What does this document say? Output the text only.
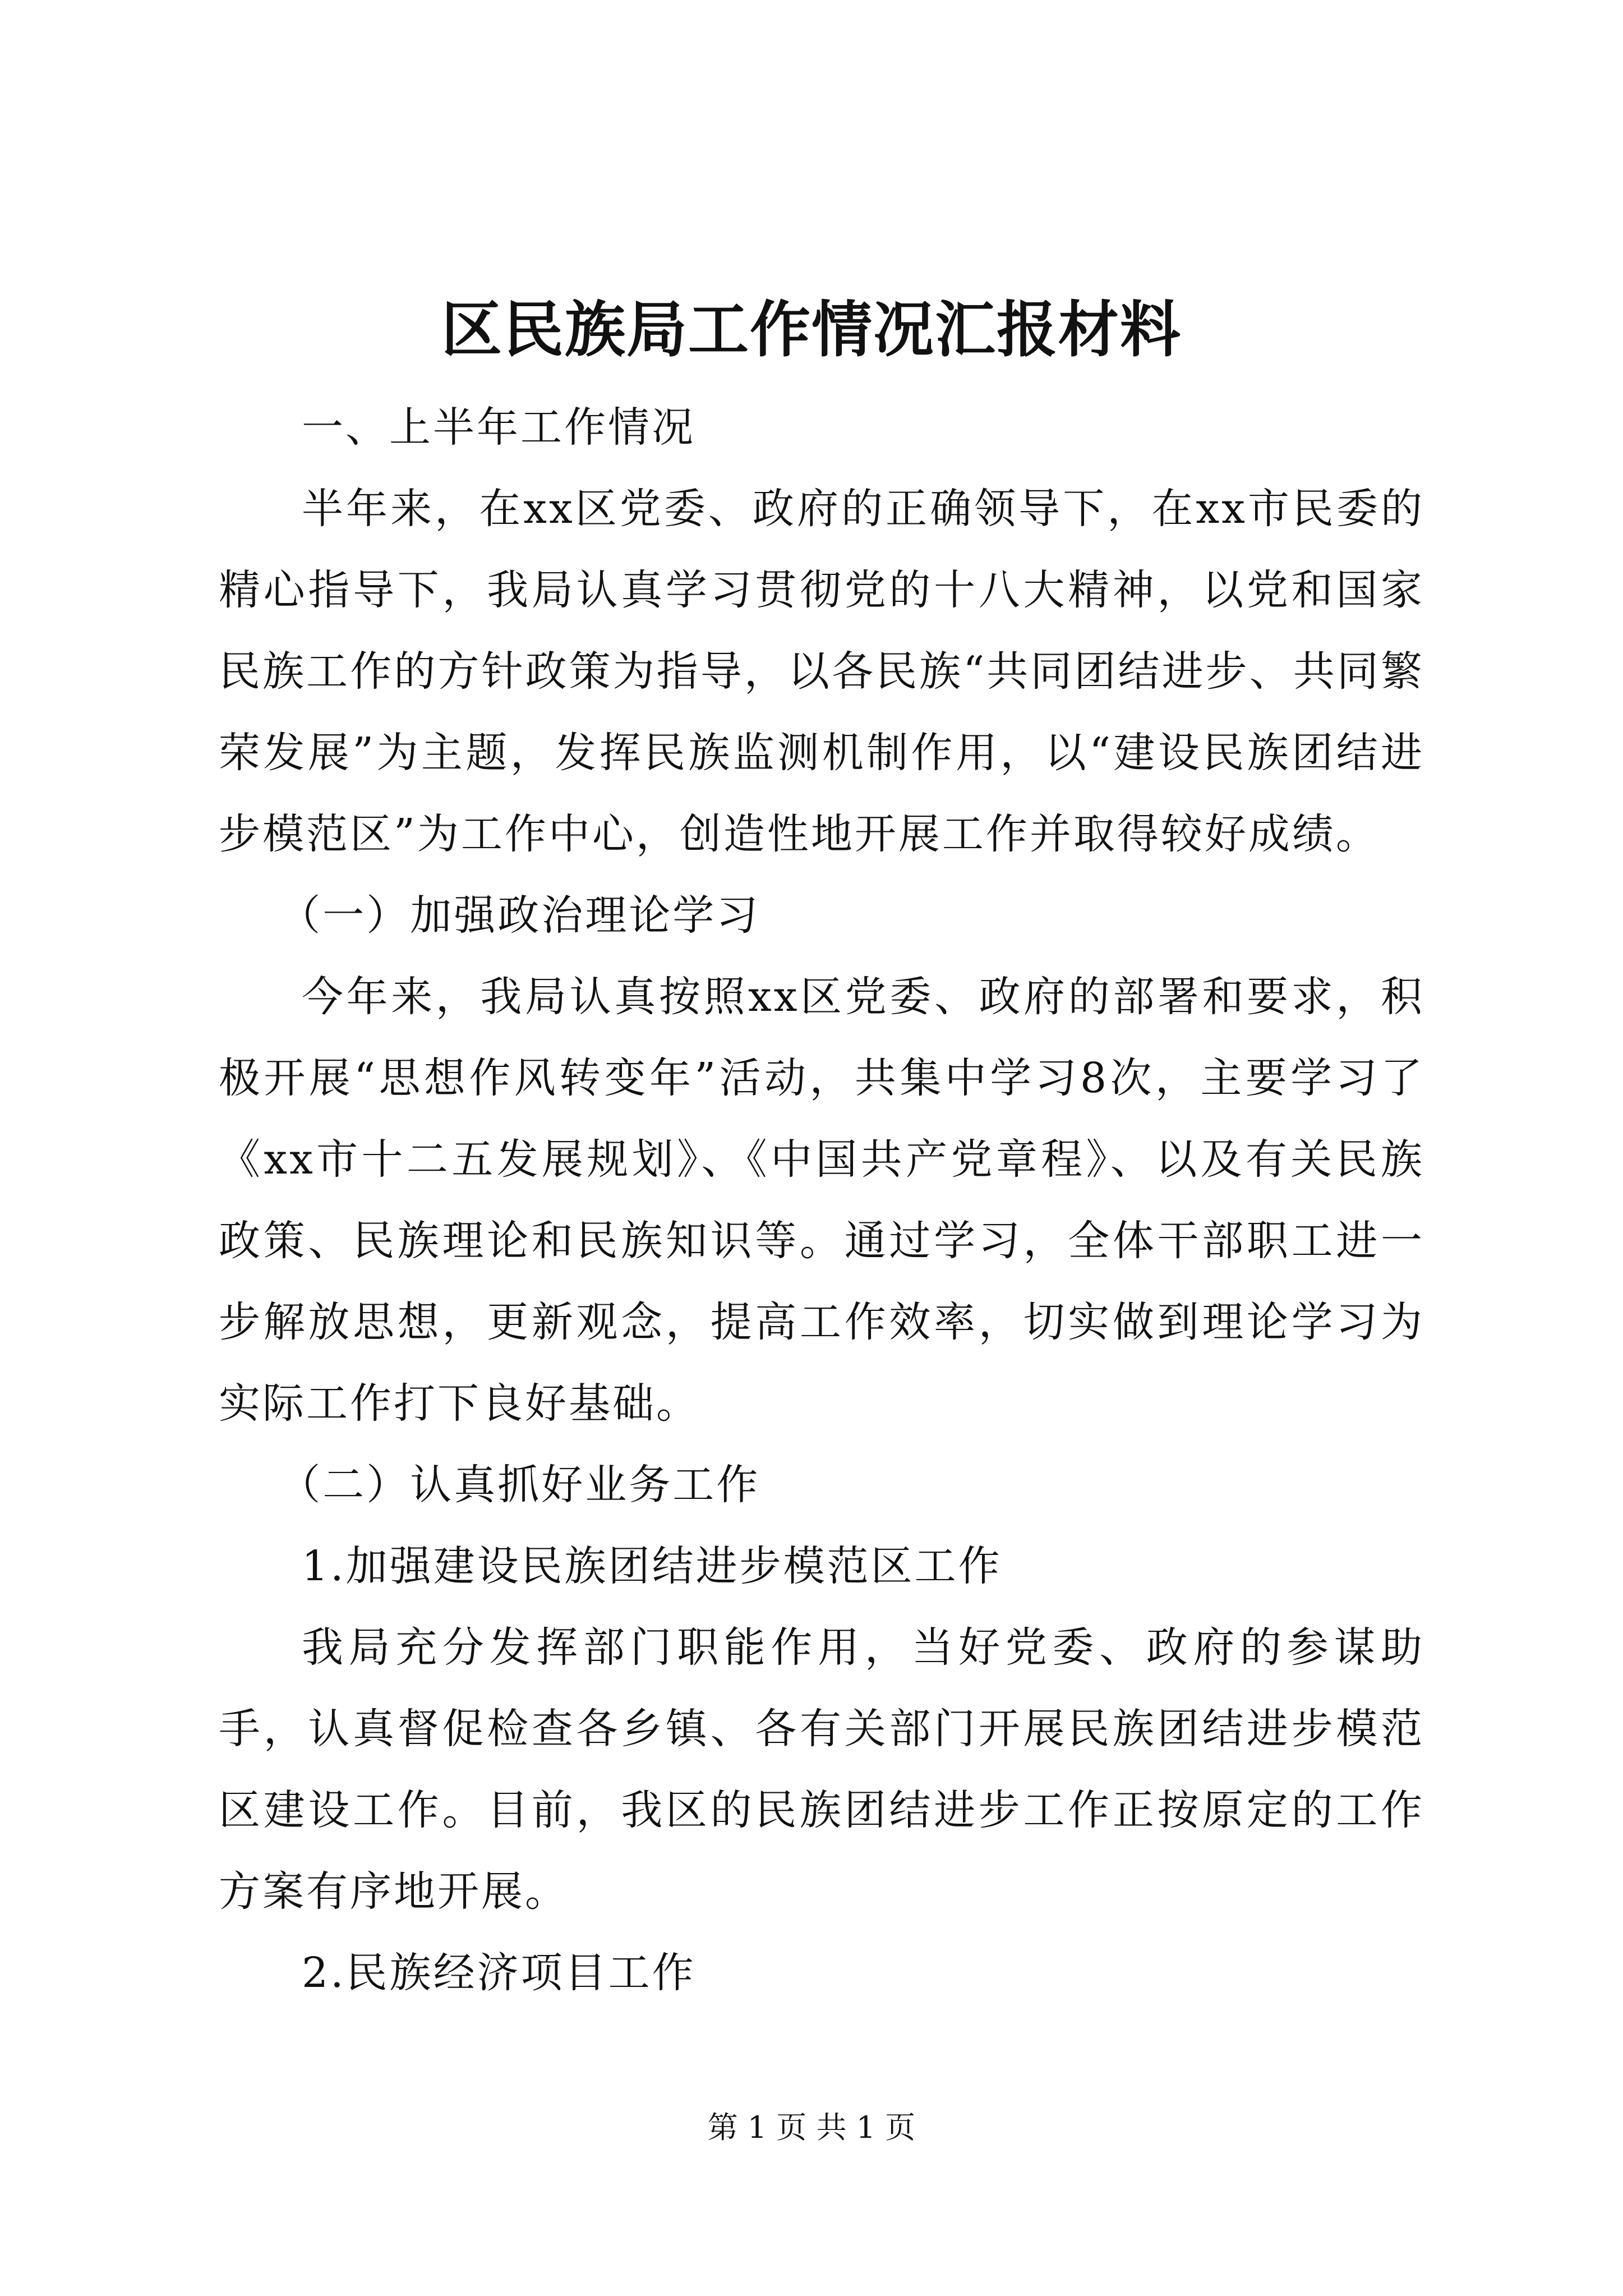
区民族局工作情况汇报材料

一、上半年工作情况

半年来，在xx区党委、政府的正确领导下，在xx市民委的精心指导下，我局认真学习贯彻党的十八大精神，以党和国家民族工作的方针政策为指导，以各民族“共同团结进步、共同繁荣发展”为主题，发挥民族监测机制作用，以“建设民族团结进步模范区”为工作中心，创造性地开展工作并取得较好成绩。

（一）加强政治理论学习

今年来，我局认真按照xx区党委、政府的部署和要求，积极开展“思想作风转变年”活动，共集中学习8次，主要学习了《xx市十二五发展规划》、《中国共产党章程》、以及有关民族政策、民族理论和民族知识等。通过学习，全体干部职工进一步解放思想，更新观念，提高工作效率，切实做到理论学习为实际工作打下良好基础。

（二）认真抓好业务工作

1.加强建设民族团结进步模范区工作

我局充分发挥部门职能作用，当好党委、政府的参谋助手，认真督促检查各乡镇、各有关部门开展民族团结进步模范区建设工作。目前，我区的民族团结进步工作正按原定的工作方案有序地开展。

2.民族经济项目工作

第 1 页 共 1 页
